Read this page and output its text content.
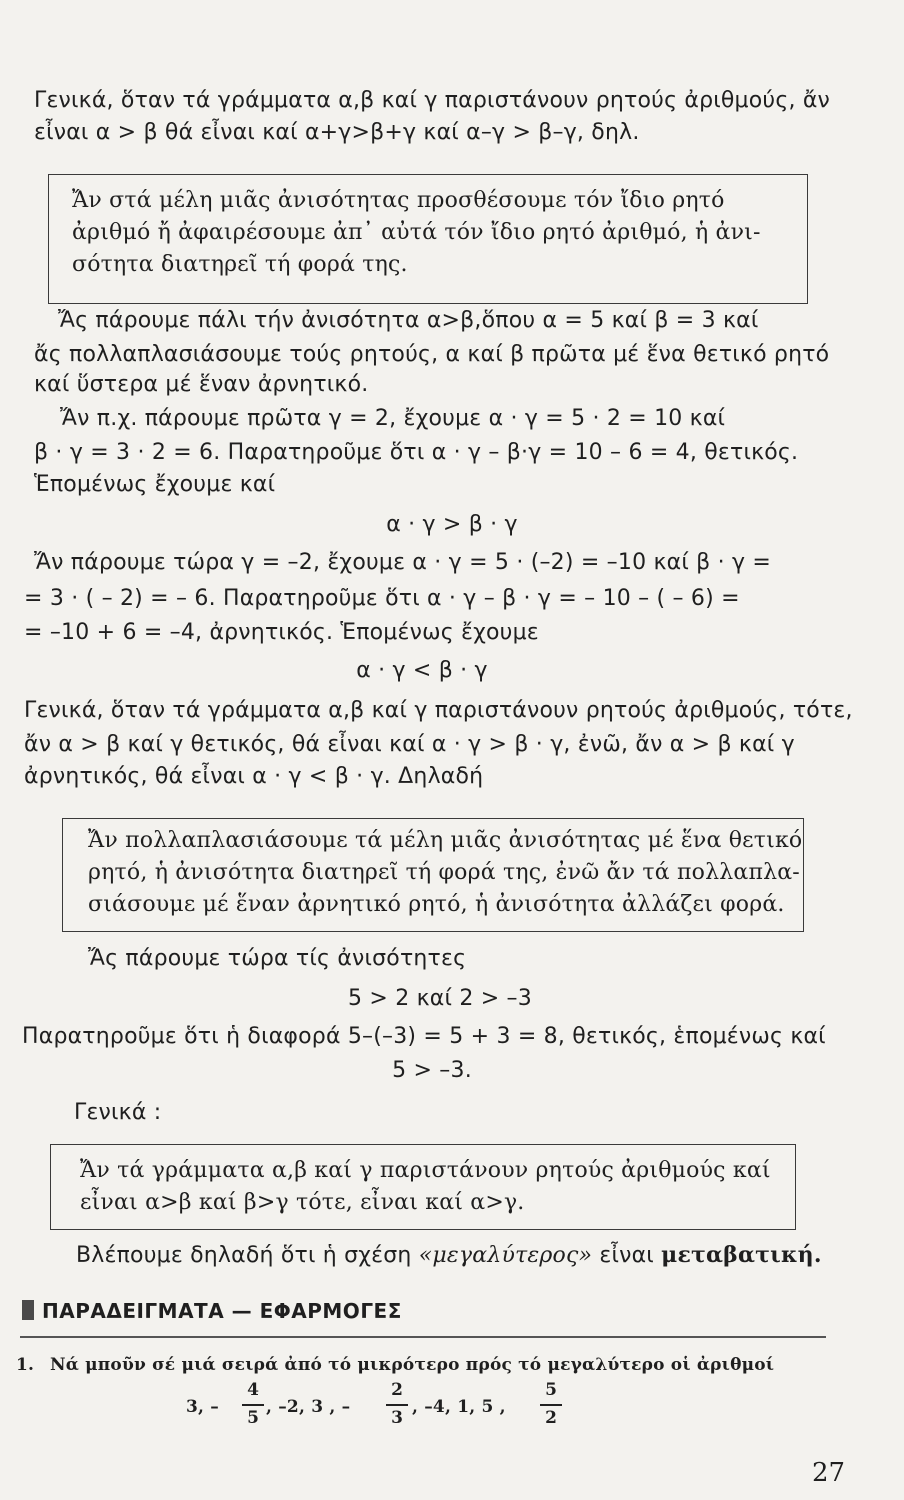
Γενικά, ὅταν τά γράμματα α,β καί γ παριστάνουν ρητούς ἀριθμούς, ἄν
εἶναι α > β θά εἶναι καί α+γ>β+γ καί α–γ > β–γ, δηλ.
Ἄν στά μέλη μιᾶς ἀνισότητας προσθέσουμε τόν ἴδιο ρητό
ἀριθμό ἤ ἀφαιρέσουμε ἀπ᾽ αὐτά τόν ἴδιο ρητό ἀριθμό, ἡ ἀνι-
σότητα διατηρεῖ τή φορά της.
Ἄς πάρουμε πάλι τήν ἀνισότητα α>β,ὅπου α = 5 καί β = 3 καί
ἄς πολλαπλασιάσουμε τούς ρητούς, α καί β πρῶτα μέ ἕνα θετικό ρητό
καί ὕστερα μέ ἕναν ἀρνητικό.
Ἄν π.χ. πάρουμε πρῶτα γ = 2, ἔχουμε α · γ = 5 · 2 = 10 καί
β · γ = 3 · 2 = 6. Παρατηροῦμε ὅτι α · γ – β·γ = 10 – 6 = 4, θετικός.
Ἑπομένως ἔχουμε καί
α · γ > β · γ
Ἄν πάρουμε τώρα γ = –2, ἔχουμε α · γ = 5 · (–2) = –10 καί β · γ =
= 3 · ( – 2) = – 6. Παρατηροῦμε ὅτι α · γ – β · γ = – 10 – ( – 6) =
= –10 + 6 = –4, ἀρνητικός. Ἑπομένως ἔχουμε
α · γ < β · γ
Γενικά, ὅταν τά γράμματα α,β καί γ παριστάνουν ρητούς ἀριθμούς, τότε,
ἄν α > β καί γ θετικός, θά εἶναι καί α · γ > β · γ, ἐνῶ, ἄν α > β καί γ
ἀρνητικός, θά εἶναι α · γ < β · γ. Δηλαδή
Ἄν πολλαπλασιάσουμε τά μέλη μιᾶς ἀνισότητας μέ ἕνα θετικό
ρητό, ἡ ἀνισότητα διατηρεῖ τή φορά της, ἐνῶ ἄν τά πολλαπλα-
σιάσουμε μέ ἕναν ἀρνητικό ρητό, ἡ ἀνισότητα ἀλλάζει φορά.
Ἄς πάρουμε τώρα τίς ἀνισότητες
5 > 2 καί 2 > –3
Παρατηροῦμε ὅτι ἡ διαφορά 5–(–3) = 5 + 3 = 8, θετικός, ἑπομένως καί
5 > –3.
Γενικά :
Ἄν τά γράμματα α,β καί γ παριστάνουν ρητούς ἀριθμούς καί
εἶναι α>β καί β>γ τότε, εἶναι καί α>γ.
Βλέπουμε δηλαδή ὅτι ἡ σχέση «μεγαλύτερος» εἶναι μεταβατική.
ΠΑΡΑΔΕΙΓΜΑΤΑ — ΕΦΑΡΜΟΓΕΣ
1. Νά μποῦν σέ μιά σειρά ἀπό τό μικρότερο πρός τό μεγαλύτερο οἱ ἀριθμοί
3, –
4
5
, –2, 3 , –
2
3
, –4, 1, 5 ,
5
2
27
